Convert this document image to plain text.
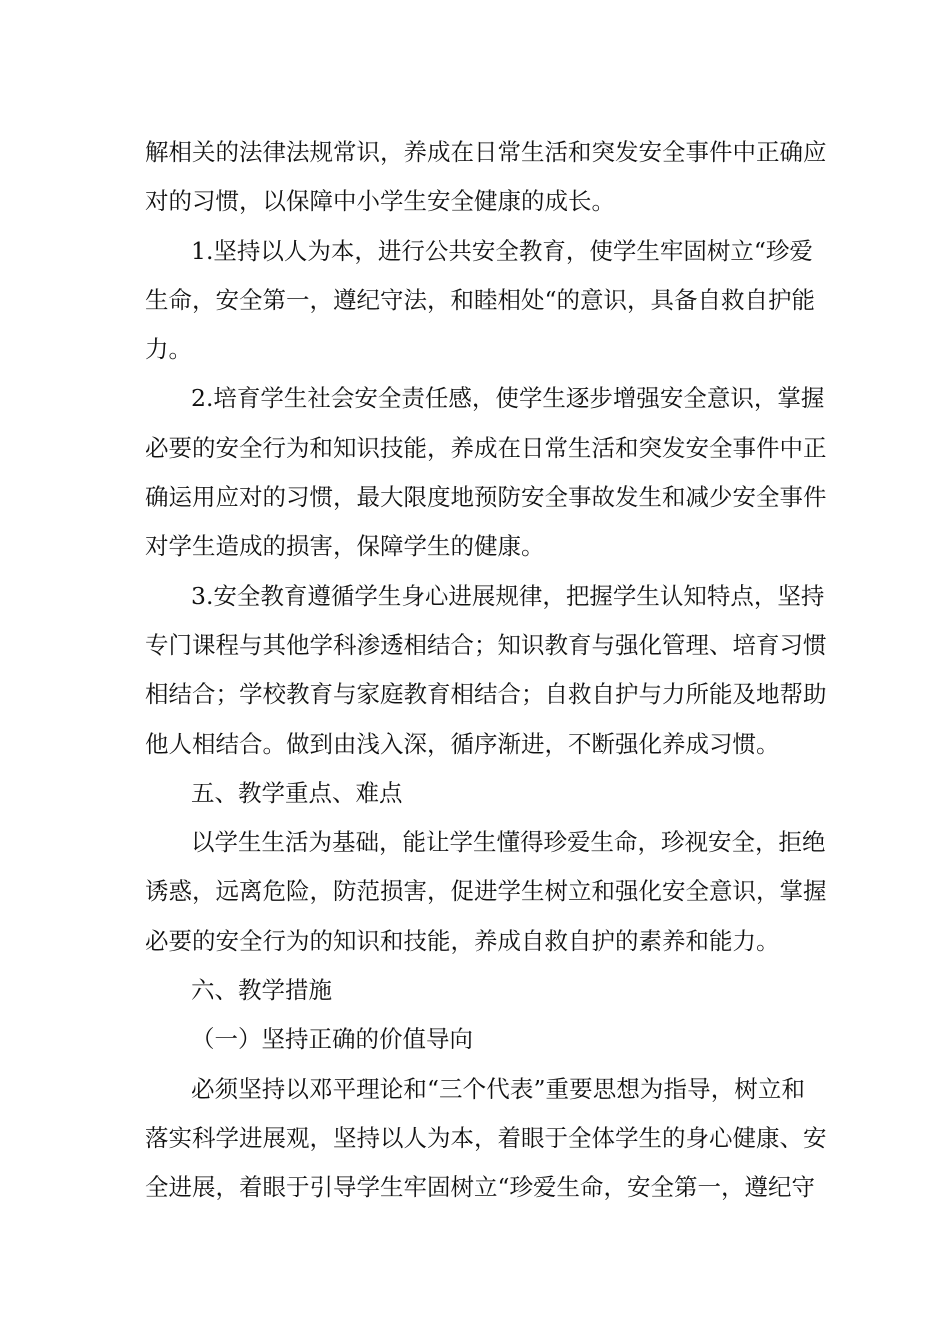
解相关的法律法规常识，养成在日常生活和突发安全事件中正确应

对的习惯，以保障中小学生安全健康的成长。

1.坚持以人为本，进行公共安全教育，使学生牢固树立“珍爱

生命，安全第一，遵纪守法，和睦相处“的意识，具备自救自护能

力。

2.培育学生社会安全责任感，使学生逐步增强安全意识，掌握

必要的安全行为和知识技能，养成在日常生活和突发安全事件中正

确运用应对的习惯，最大限度地预防安全事故发生和减少安全事件

对学生造成的损害，保障学生的健康。

3.安全教育遵循学生身心进展规律，把握学生认知特点，坚持

专门课程与其他学科渗透相结合；知识教育与强化管理、培育习惯

相结合；学校教育与家庭教育相结合；自救自护与力所能及地帮助

他人相结合。做到由浅入深，循序渐进，不断强化养成习惯。

五、教学重点、难点

以学生生活为基础，能让学生懂得珍爱生命，珍视安全，拒绝

诱惑，远离危险，防范损害，促进学生树立和强化安全意识，掌握

必要的安全行为的知识和技能，养成自救自护的素养和能力。

六、教学措施

（一）坚持正确的价值导向

必须坚持以邓平理论和“三个代表”重要思想为指导，树立和

落实科学进展观，坚持以人为本，着眼于全体学生的身心健康、安

全进展，着眼于引导学生牢固树立“珍爱生命，安全第一，遵纪守
